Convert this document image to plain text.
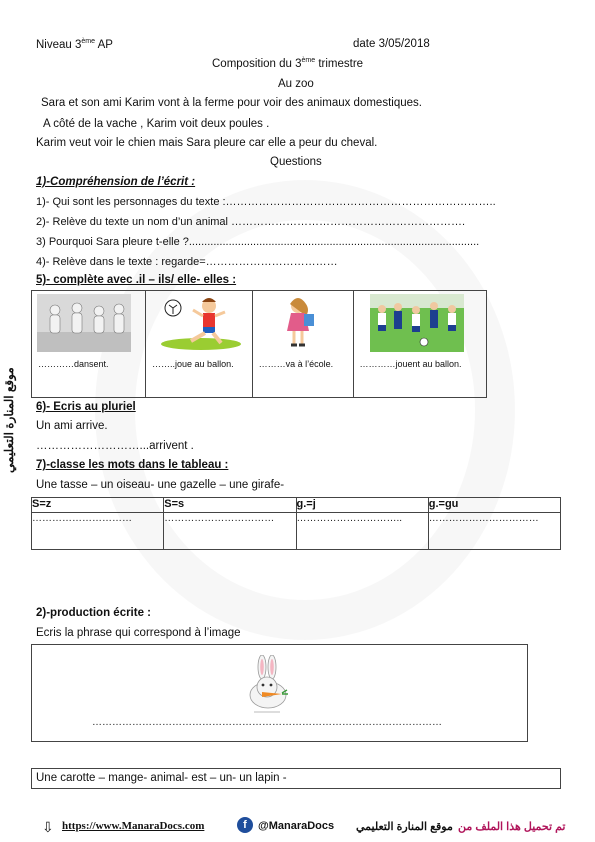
موقع المنارة التعليمي
Niveau 3ème AP	date 3/05/2018
Composition du 3ème trimestre
Au zoo
Sara et son ami Karim vont à la ferme pour voir des animaux domestiques.
A côté de la vache , Karim voit deux poules .
Karim veut voir le chien mais Sara pleure car elle a peur du cheval.
Questions
1)-Compréhension de l’écrit :
1)- Qui sont les personnages du texte :………………………………………………………………..
2)- Relève du texte un nom d’un animal ……………………………………………………….
3) Pourquoi Sara pleure t-elle ?...............................................................................................
4)- Relève dans le texte : regarde=………………………………
5)- complète avec .il – ils/ elle- elles :
…………dansent.	……..joue au ballon.	………va à l’école.	…………jouent au ballon.
6)- Ecris au pluriel
Un ami arrive.
………………………...arrivent .
7)-classe les mots dans le tableau :
Une tasse – un oiseau- une gazelle – une girafe-
S=z	S=s	g.=j	g.=gu
…………………………	……………………………	…………………………..	……………………………
2)-production écrite :
Ecris la phrase qui correspond à l’image
……………………………………………………………………………………………
Une carotte – mange- animal- est – un- un lapin -
⇩ https://www.ManaraDocs.com	f	@ManaraDocs موقع المنارة التعليمي تم تحميل هذا الملف من
